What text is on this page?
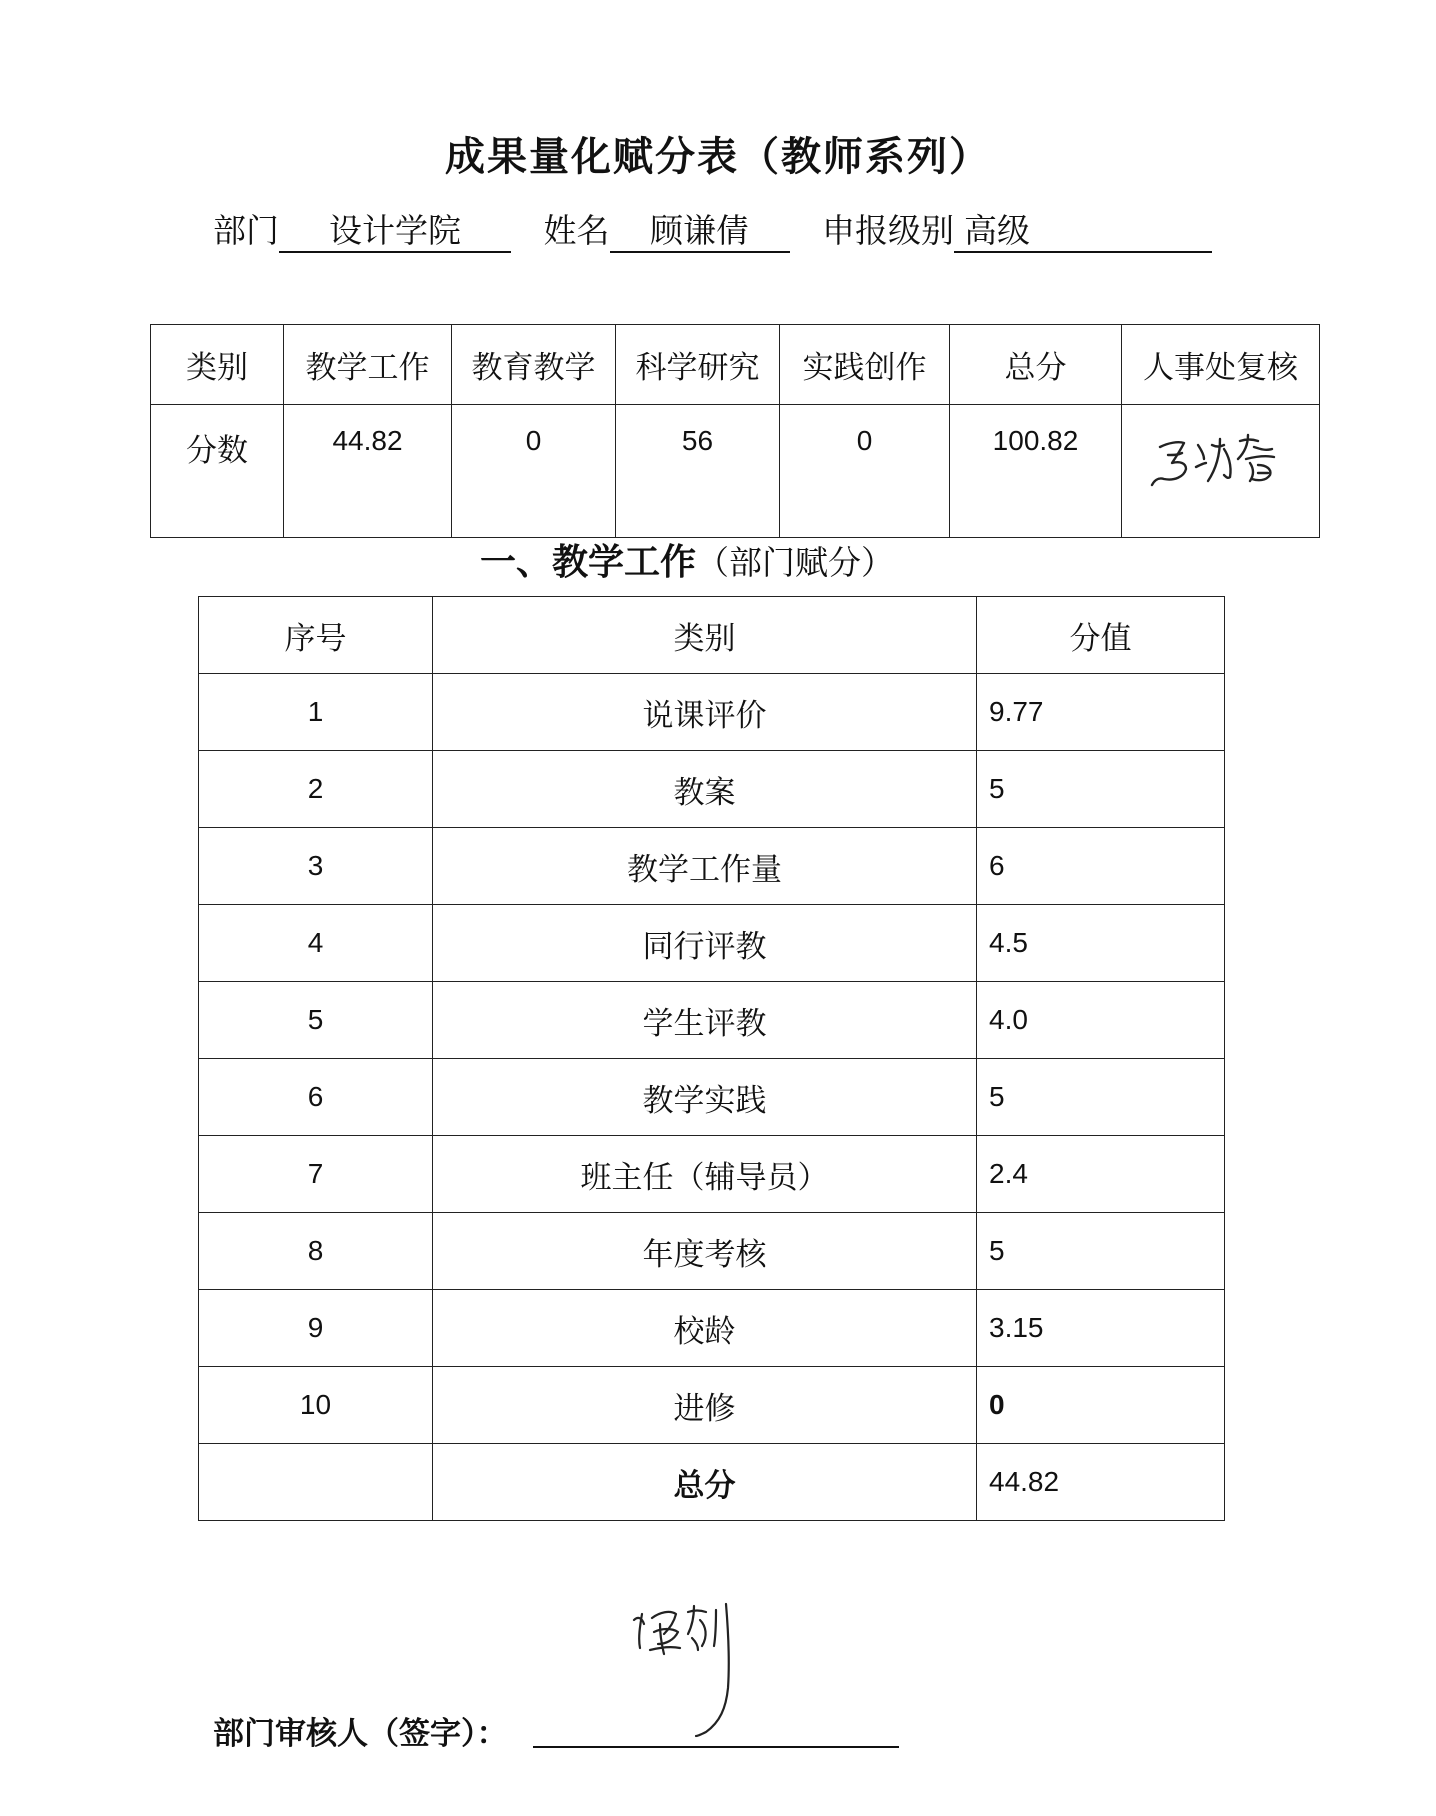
成果量化赋分表（教师系列）
部门 设计学院	姓名 顾谦倩 申报级别 高级
类别	教学工作	教育教学	科学研究	实践创作	总分	人事处复核
分数	44.82	0	56	0	100.82	
一、教学工作（部门赋分）
序号	类别	分值
1	说课评价	9.77
2	教案	5
3	教学工作量	6
4	同行评教	4.5
5	学生评教	4.0
6	教学实践	5
7	班主任（辅导员）	2.4
8	年度考核	5
9	校龄	3.15
10	进修	0
	总分	44.82
部门审核人（签字）：
